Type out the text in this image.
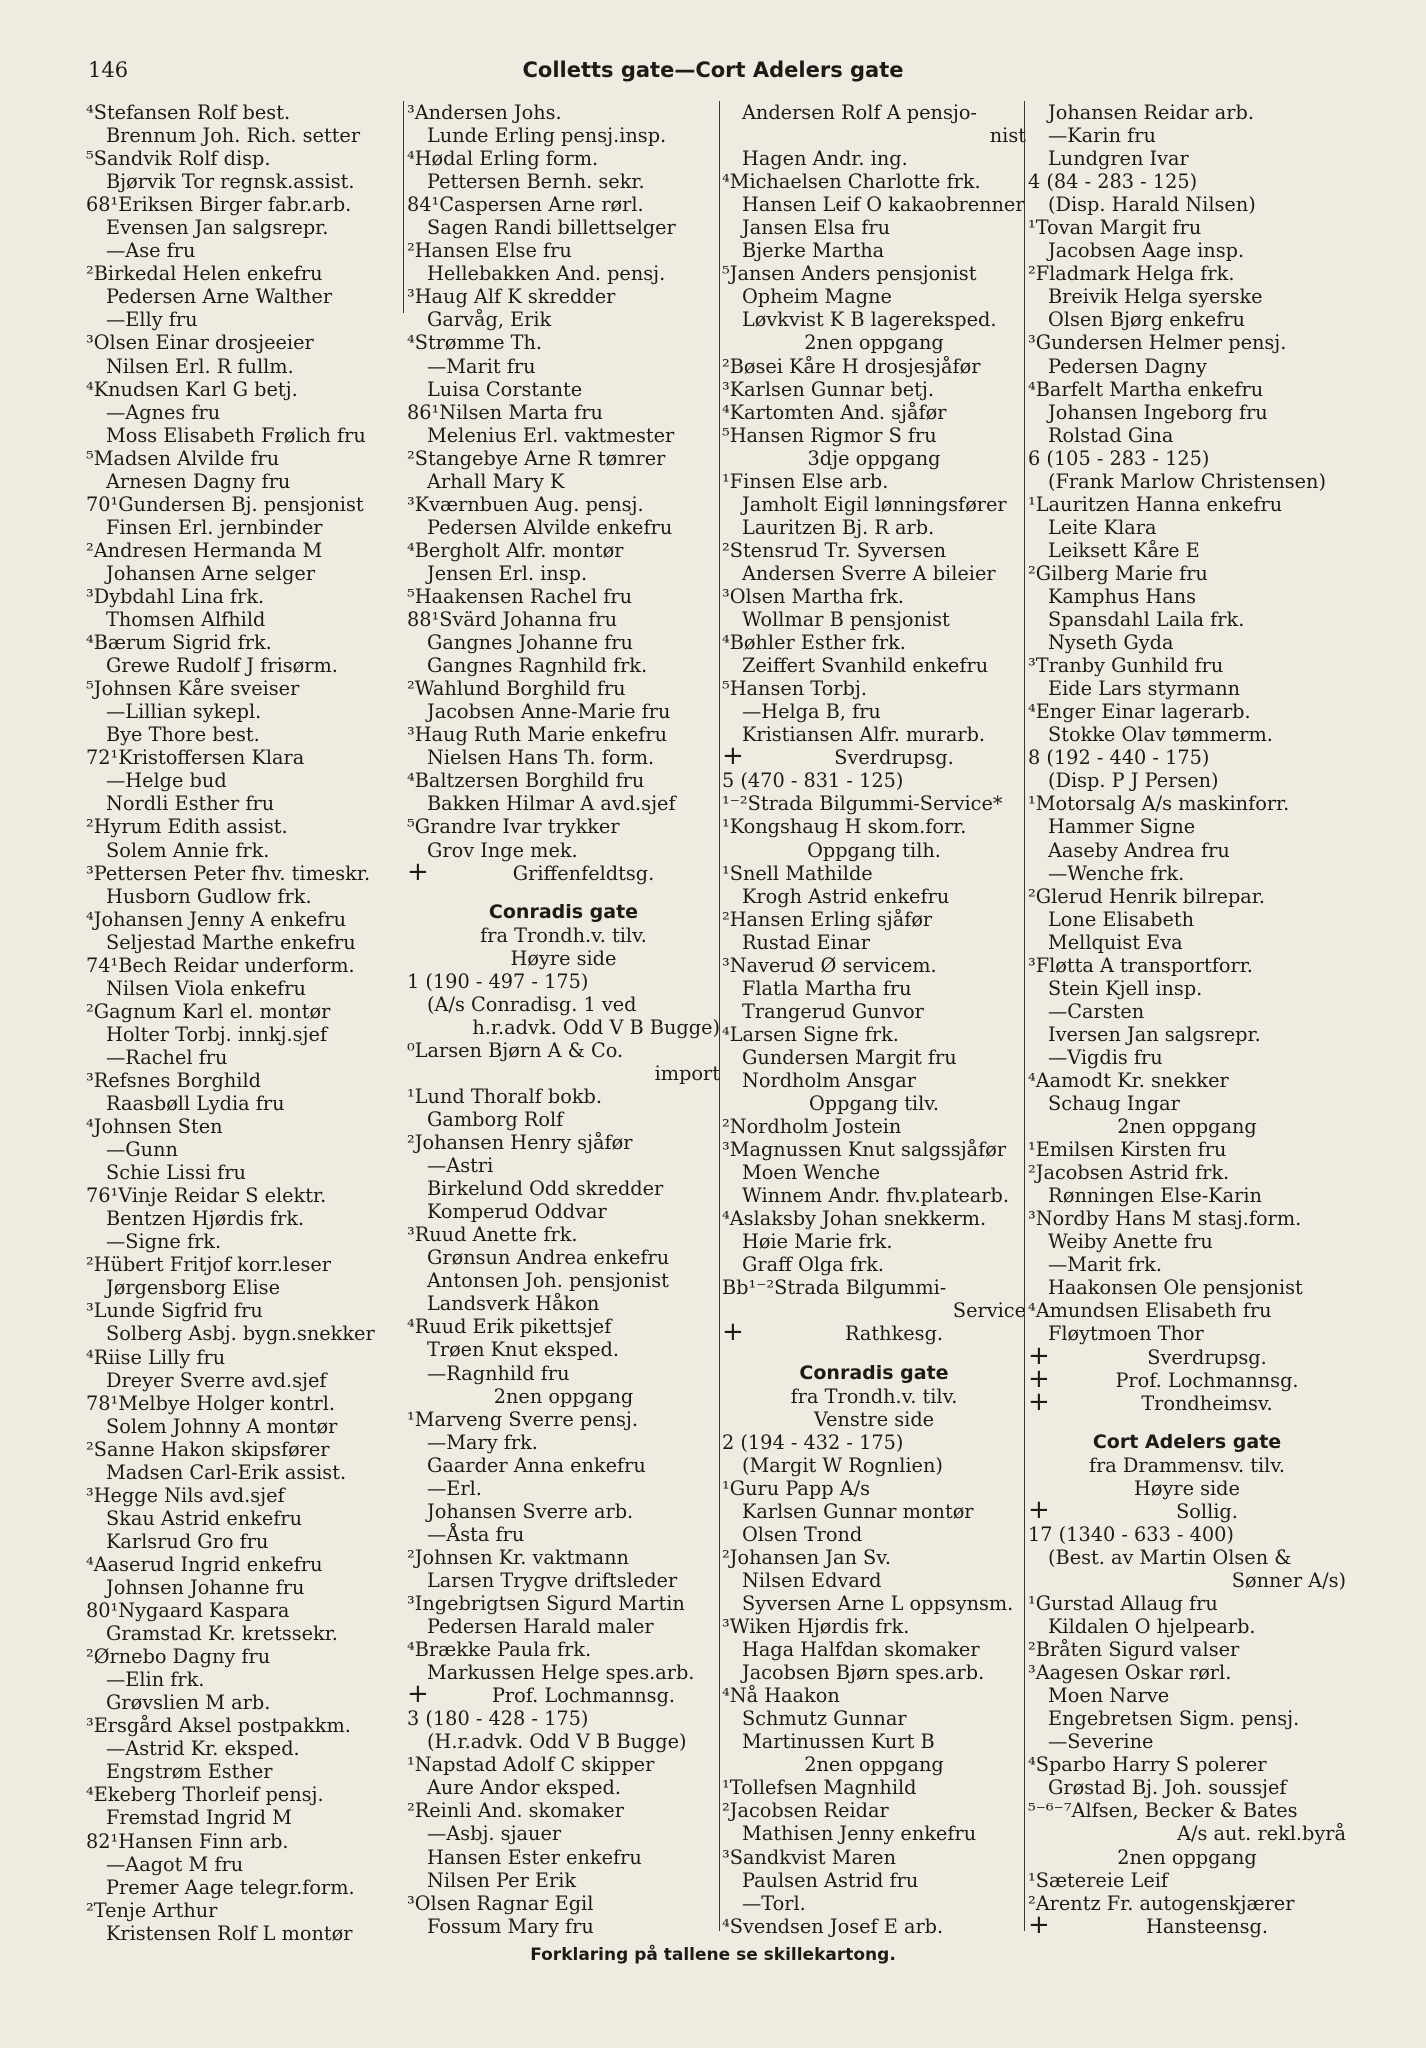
146	Colletts gate—Cort Adelers gate
⁴Stefansen Rolf best.
Brennum Joh. Rich. setter
⁵Sandvik Rolf disp.
Bjørvik Tor regnsk.assist.
68¹Eriksen Birger fabr.arb.
Evensen Jan salgsrepr.
—Ase fru
²Birkedal Helen enkefru
Pedersen Arne Walther
—Elly fru
³Olsen Einar drosjeeier
Nilsen Erl. R fullm.
⁴Knudsen Karl G betj.
—Agnes fru
Moss Elisabeth Frølich fru
⁵Madsen Alvilde fru
Arnesen Dagny fru
70¹Gundersen Bj. pensjonist
Finsen Erl. jernbinder
²Andresen Hermanda M
Johansen Arne selger
³Dybdahl Lina frk.
Thomsen Alfhild
⁴Bærum Sigrid frk.
Grewe Rudolf J frisørm.
⁵Johnsen Kåre sveiser
—Lillian sykepl.
Bye Thore best.
72¹Kristoffersen Klara
—Helge bud
Nordli Esther fru
²Hyrum Edith assist.
Solem Annie frk.
³Pettersen Peter fhv. timeskr.
Husborn Gudlow frk.
⁴Johansen Jenny A enkefru
Seljestad Marthe enkefru
74¹Bech Reidar underform.
Nilsen Viola enkefru
²Gagnum Karl el. montør
Holter Torbj. innkj.sjef
—Rachel fru
³Refsnes Borghild
Raasbøll Lydia fru
⁴Johnsen Sten
—Gunn
Schie Lissi fru
76¹Vinje Reidar S elektr.
Bentzen Hjørdis frk.
—Signe frk.
²Hübert Fritjof korr.leser
Jørgensborg Elise
³Lunde Sigfrid fru
Solberg Asbj. bygn.snekker
⁴Riise Lilly fru
Dreyer Sverre avd.sjef
78¹Melbye Holger kontrl.
Solem Johnny A montør
²Sanne Hakon skipsfører
Madsen Carl-Erik assist.
³Hegge Nils avd.sjef
Skau Astrid enkefru
Karlsrud Gro fru
⁴Aaserud Ingrid enkefru
Johnsen Johanne fru
80¹Nygaard Kaspara
Gramstad Kr. kretssekr.
²Ørnebo Dagny fru
—Elin frk.
Grøvslien M arb.
³Ersgård Aksel postpakkm.
—Astrid Kr. eksped.
Engstrøm Esther
⁴Ekeberg Thorleif pensj.
Fremstad Ingrid M
82¹Hansen Finn arb.
—Aagot M fru
Premer Aage telegr.form.
²Tenje Arthur
Kristensen Rolf L montør
³Andersen Johs.
Lunde Erling pensj.insp.
⁴Hødal Erling form.
Pettersen Bernh. sekr.
84¹Caspersen Arne rørl.
Sagen Randi billettselger
²Hansen Else fru
Hellebakken And. pensj.
³Haug Alf K skredder
Garvåg, Erik
⁴Strømme Th.
—Marit fru
Luisa Corstante
86¹Nilsen Marta fru
Melenius Erl. vaktmester
²Stangebye Arne R tømrer
Arhall Mary K
³Kværnbuen Aug. pensj.
Pedersen Alvilde enkefru
⁴Bergholt Alfr. montør
Jensen Erl. insp.
⁵Haakensen Rachel fru
88¹Svärd Johanna fru
Gangnes Johanne fru
Gangnes Ragnhild frk.
²Wahlund Borghild fru
Jacobsen Anne-Marie fru
³Haug Ruth Marie enkefru
Nielsen Hans Th. form.
⁴Baltzersen Borghild fru
Bakken Hilmar A avd.sjef
⁵Grandre Ivar trykker
Grov Inge mek.
+	Griffenfeldtsg.
Conradis gate
fra Trondh.v. tilv.
Høyre side
1 (190 - 497 - 175)
(A/s Conradisg. 1 ved
h.r.advk. Odd V B Bugge)
⁰Larsen Bjørn A & Co.
import
¹Lund Thoralf bokb.
Gamborg Rolf
²Johansen Henry sjåfør
—Astri
Birkelund Odd skredder
Komperud Oddvar
³Ruud Anette frk.
Grønsun Andrea enkefru
Antonsen Joh. pensjonist
Landsverk Håkon
⁴Ruud Erik pikettsjef
Trøen Knut eksped.
—Ragnhild fru
2nen oppgang
¹Marveng Sverre pensj.
—Mary frk.
Gaarder Anna enkefru
—Erl.
Johansen Sverre arb.
—Åsta fru
²Johnsen Kr. vaktmann
Larsen Trygve driftsleder
³Ingebrigtsen Sigurd Martin
Pedersen Harald maler
⁴Brække Paula frk.
Markussen Helge spes.arb.
+	Prof. Lochmannsg.
3 (180 - 428 - 175)
(H.r.advk. Odd V B Bugge)
¹Napstad Adolf C skipper
Aure Andor eksped.
²Reinli And. skomaker
—Asbj. sjauer
Hansen Ester enkefru
Nilsen Per Erik
³Olsen Ragnar Egil
Fossum Mary fru
Andersen Rolf A pensjo-
nist
Hagen Andr. ing.
⁴Michaelsen Charlotte frk.
Hansen Leif O kakaobrenner
Jansen Elsa fru
Bjerke Martha
⁵Jansen Anders pensjonist
Opheim Magne
Løvkvist K B lagereksped.
2nen oppgang
²Bøsei Kåre H drosjesjåfør
³Karlsen Gunnar betj.
⁴Kartomten And. sjåfør
⁵Hansen Rigmor S fru
3dje oppgang
¹Finsen Else arb.
Jamholt Eigil lønningsfører
Lauritzen Bj. R arb.
²Stensrud Tr. Syversen
Andersen Sverre A bileier
³Olsen Martha frk.
Wollmar B pensjonist
⁴Bøhler Esther frk.
Zeiffert Svanhild enkefru
⁵Hansen Torbj.
—Helga B, fru
Kristiansen Alfr. murarb.
+	Sverdrupsg.
5 (470 - 831 - 125)
¹⁻²Strada Bilgummi-Service*
¹Kongshaug H skom.forr.
Oppgang tilh.
¹Snell Mathilde
Krogh Astrid enkefru
²Hansen Erling sjåfør
Rustad Einar
³Naverud Ø servicem.
Flatla Martha fru
Trangerud Gunvor
⁴Larsen Signe frk.
Gundersen Margit fru
Nordholm Ansgar
Oppgang tilv.
²Nordholm Jostein
³Magnussen Knut salgssjåfør
Moen Wenche
Winnem Andr. fhv.platearb.
⁴Aslaksby Johan snekkerm.
Høie Marie frk.
Graff Olga frk.
Bb¹⁻²Strada Bilgummi-
Service
+	Rathkesg.
Conradis gate
fra Trondh.v. tilv.
Venstre side
2 (194 - 432 - 175)
(Margit W Rognlien)
¹Guru Papp A/s
Karlsen Gunnar montør
Olsen Trond
²Johansen Jan Sv.
Nilsen Edvard
Syversen Arne L oppsynsm.
³Wiken Hjørdis frk.
Haga Halfdan skomaker
Jacobsen Bjørn spes.arb.
⁴Nå Haakon
Schmutz Gunnar
Martinussen Kurt B
2nen oppgang
¹Tollefsen Magnhild
²Jacobsen Reidar
Mathisen Jenny enkefru
³Sandkvist Maren
Paulsen Astrid fru
—Torl.
⁴Svendsen Josef E arb.
Johansen Reidar arb.
—Karin fru
Lundgren Ivar
4 (84 - 283 - 125)
(Disp. Harald Nilsen)
¹Tovan Margit fru
Jacobsen Aage insp.
²Fladmark Helga frk.
Breivik Helga syerske
Olsen Bjørg enkefru
³Gundersen Helmer pensj.
Pedersen Dagny
⁴Barfelt Martha enkefru
Johansen Ingeborg fru
Rolstad Gina
6 (105 - 283 - 125)
(Frank Marlow Christensen)
¹Lauritzen Hanna enkefru
Leite Klara
Leiksett Kåre E
²Gilberg Marie fru
Kamphus Hans
Spansdahl Laila frk.
Nyseth Gyda
³Tranby Gunhild fru
Eide Lars styrmann
⁴Enger Einar lagerarb.
Stokke Olav tømmerm.
8 (192 - 440 - 175)
(Disp. P J Persen)
¹Motorsalg A/s maskinforr.
Hammer Signe
Aaseby Andrea fru
—Wenche frk.
²Glerud Henrik bilrepar.
Lone Elisabeth
Mellquist Eva
³Fløtta A transportforr.
Stein Kjell insp.
—Carsten
Iversen Jan salgsrepr.
—Vigdis fru
⁴Aamodt Kr. snekker
Schaug Ingar
2nen oppgang
¹Emilsen Kirsten fru
²Jacobsen Astrid frk.
Rønningen Else-Karin
³Nordby Hans M stasj.form.
Weiby Anette fru
—Marit frk.
Haakonsen Ole pensjonist
⁴Amundsen Elisabeth fru
Fløytmoen Thor
+	Sverdrupsg.
+	Prof. Lochmannsg.
+	Trondheimsv.
Cort Adelers gate
fra Drammensv. tilv.
Høyre side
+	Sollig.
17 (1340 - 633 - 400)
(Best. av Martin Olsen &
Sønner A/s)
¹Gurstad Allaug fru
Kildalen O hjelpearb.
²Bråten Sigurd valser
³Aagesen Oskar rørl.
Moen Narve
Engebretsen Sigm. pensj.
—Severine
⁴Sparbo Harry S polerer
Grøstad Bj. Joh. soussjef
⁵⁻⁶⁻⁷Alfsen, Becker & Bates
A/s aut. rekl.byrå
2nen oppgang
¹Sætereie Leif
²Arentz Fr. autogenskjærer
+	Hansteensg.
Forklaring på tallene se skillekartong.
